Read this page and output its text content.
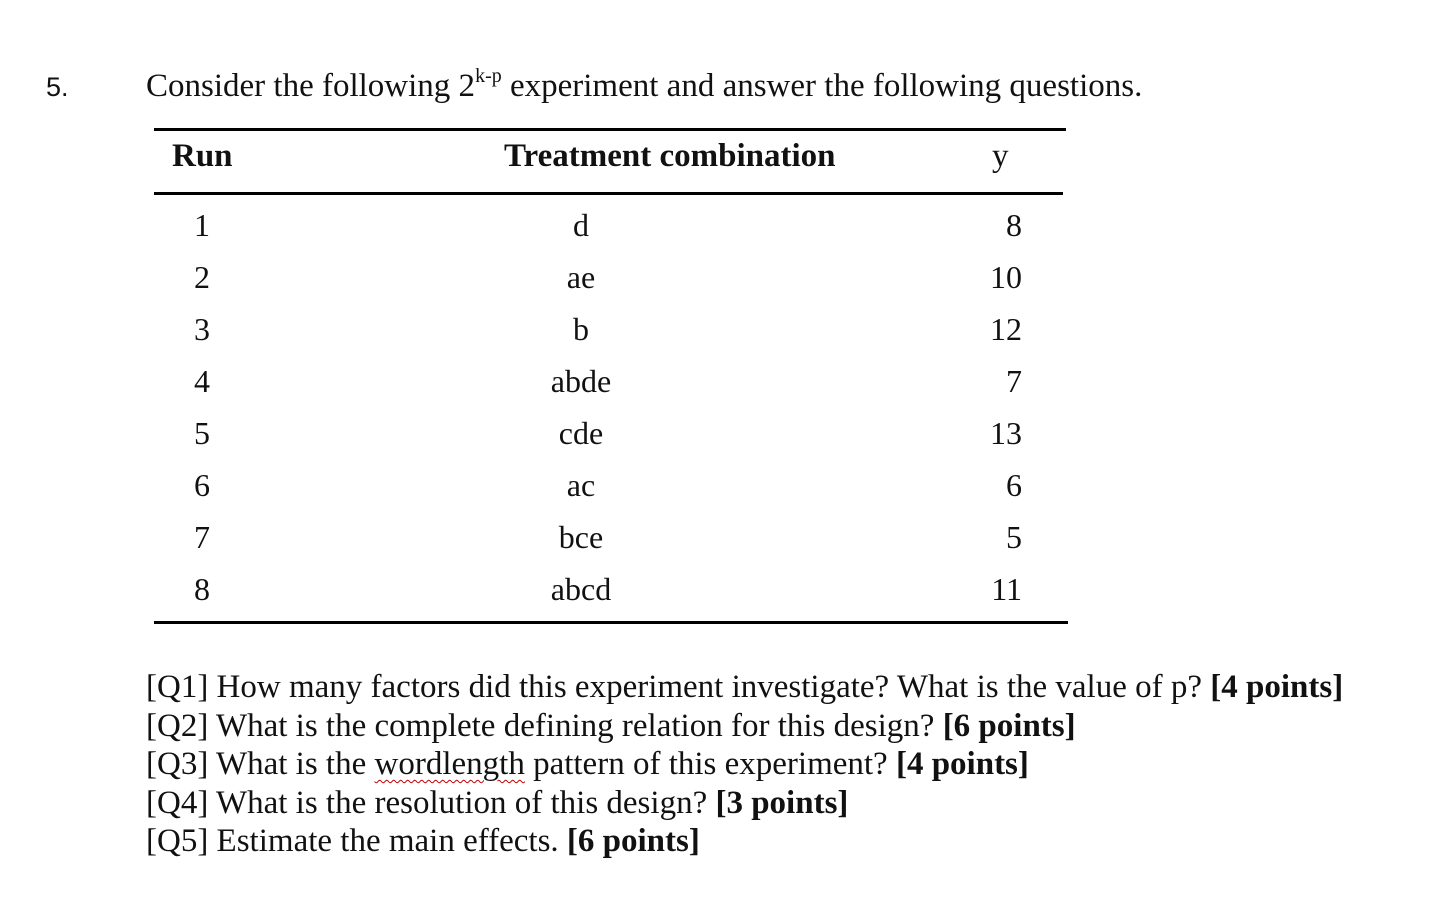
5. Consider the following 2$^{k-p}$ experiment and answer the following questions.
Run	Treatment combination	y
1	d	8
2	ae	10
3	b	12
4	abde	7
5	cde	13
6	ac	6
7	bce	5
8	abcd	11
[Q1] How many factors did this experiment investigate? What is the value of p? [4 points]
[Q2] What is the complete defining relation for this design? [6 points]
[Q3] What is the wordlength pattern of this experiment? [4 points]
[Q4] What is the resolution of this design? [3 points]
[Q5] Estimate the main effects. [6 points]
